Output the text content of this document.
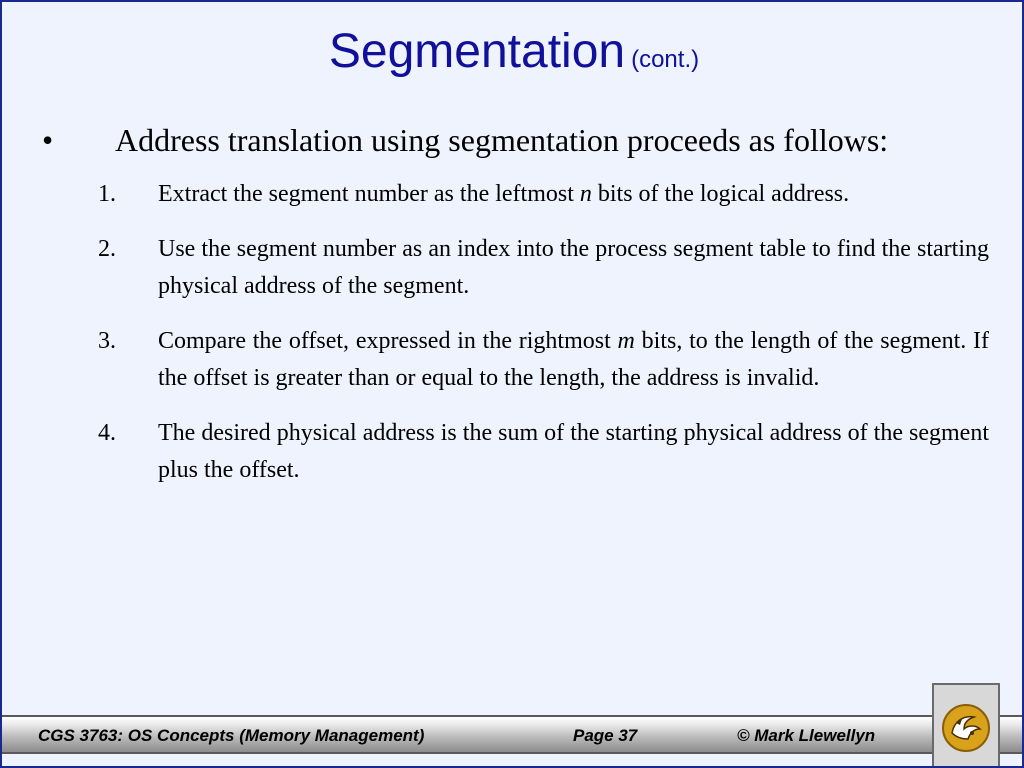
Segmentation (cont.)
• Address translation using segmentation proceeds as follows:
1. Extract the segment number as the leftmost n bits of the logical address.
2. Use the segment number as an index into the process segment table to find the starting physical address of the segment.
3. Compare the offset, expressed in the rightmost m bits, to the length of the segment. If the offset is greater than or equal to the length, the address is invalid.
4. The desired physical address is the sum of the starting physical address of the segment plus the offset.
CGS 3763: OS Concepts (Memory Management)	Page 37	© Mark Llewellyn
